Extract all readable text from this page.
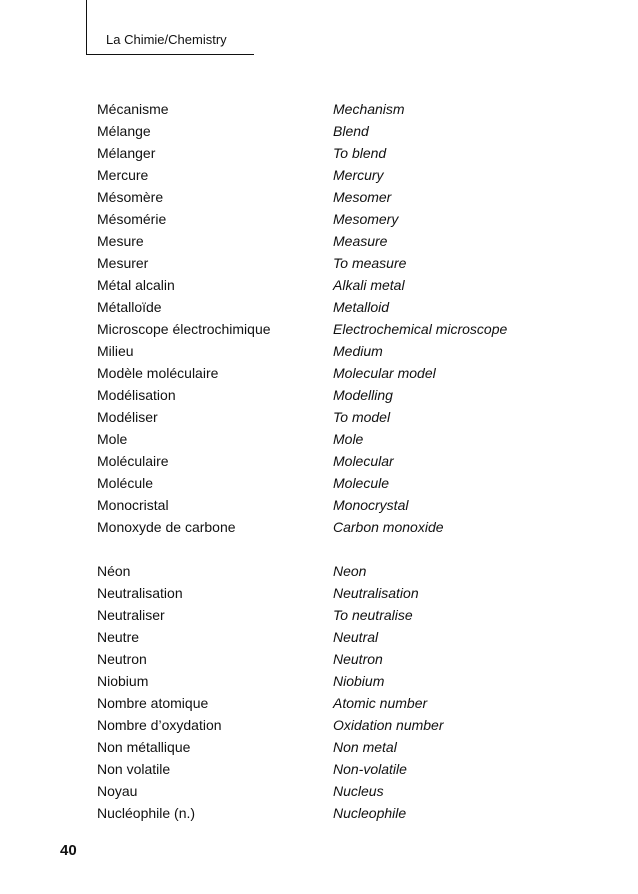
La Chimie/Chemistry
Mécanisme	Mechanism
Mélange	Blend
Mélanger	To blend
Mercure	Mercury
Mésomère	Mesomer
Mésomérie	Mesomery
Mesure	Measure
Mesurer	To measure
Métal alcalin	Alkali metal
Métalloïde	Metalloid
Microscope électrochimique	Electrochemical microscope
Milieu	Medium
Modèle moléculaire	Molecular model
Modélisation	Modelling
Modéliser	To model
Mole	Mole
Moléculaire	Molecular
Molécule	Molecule
Monocristal	Monocrystal
Monoxyde de carbone	Carbon monoxide
Néon	Neon
Neutralisation	Neutralisation
Neutraliser	To neutralise
Neutre	Neutral
Neutron	Neutron
Niobium	Niobium
Nombre atomique	Atomic number
Nombre d’oxydation	Oxidation number
Non métallique	Non metal
Non volatile	Non-volatile
Noyau	Nucleus
Nucléophile (n.)	Nucleophile
40
